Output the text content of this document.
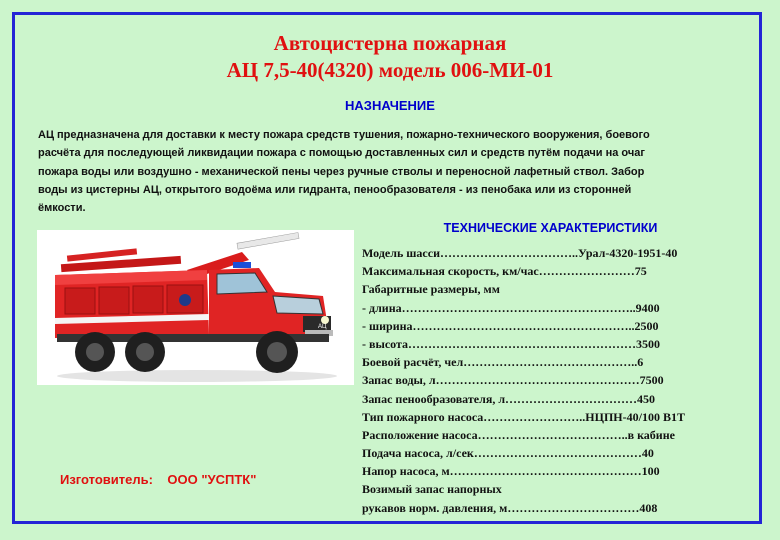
Автоцистерна пожарная
АЦ 7,5-40(4320) модель 006-МИ-01
НАЗНАЧЕНИЕ
АЦ предназначена для доставки к месту пожара средств тушения, пожарно-технического вооружения, боевого
расчёта для последующей ликвидации пожара с помощью доставленных сил и средств путём подачи на очаг
пожара воды или воздушно - механической пены через ручные стволы и переносной лафетный ствол. Забор
воды из цистерны АЦ, открытого водоёма или гидранта, пенообразователя - из пенобака или из сторонней
ёмкости.
АЦ
ТЕХНИЧЕСКИЕ ХАРАКТЕРИСТИКИ
Модель шасси……………………………..Урал-4320-1951-40
Максимальная скорость, км/час……………………75
Габаритные размеры, мм
- длина…………………………………………………..9400
- ширина………………………………………………..2500
- высота…………………………………………………3500
Боевой расчёт, чел……………………………………..6
Запас воды, л……………………………………………7500
Запас пенообразователя, л……………………………450
Тип пожарного насоса……………………..НЦПН-40/100 В1Т
Расположение насоса………………………………..в кабине
Подача насоса, л/сек……………………………………40
Напор насоса, м…………………………………………100
Возимый запас напорных
рукавов норм. давления, м……………………………408
Изготовитель:    ООО "УСПТК"
